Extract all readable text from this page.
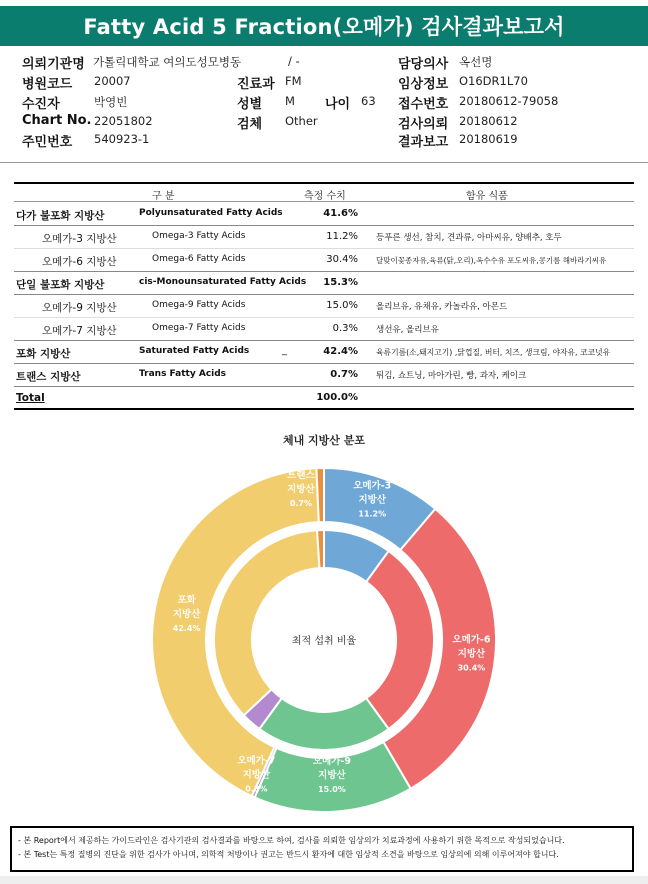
Fatty Acid 5 Fraction(오메가) 검사결과보고서
의뢰기관명 가톨릭대학교 여의도성모병동	/ -	담당의사 옥선명
병원코드 20007	진료과 FM	임상정보 O16DR1L70
수진자	박영빈	성별 M 나이 63 접수번호 20180612-79058
Chart No. 22051802	검체 Other	검사의뢰 20180612
주민번호 540923-1	결과보고 20180619
구 분	측정 수치	함유 식품
다가 불포화 지방산	Polyunsaturated Fatty Acids	41.6%
오메가-3 지방산	Omega-3 Fatty Acids	11.2% 등푸른 생선, 참치, 견과류, 아마씨유, 양배추, 호두
오메가-6 지방산	Omega-6 Fatty Acids	30.4% 달맞이꽃종자유,육류(닭,오리),옥수수유 포도씨유,콩기름 해바라기씨유
단일 불포화 지방산	cis-Monounsaturated Fatty Acids 15.3%
오메가-9 지방산	Omega-9 Fatty Acids	15.0% 올리브유, 유채유, 카놀라유, 아몬드
오메가-7 지방산	Omega-7 Fatty Acids	0.3% 생선유, 올리브유
포화 지방산	Saturated Fatty Acids	_	42.4% 육류기름(소,돼지고기) ,닭껍질, 버터, 치즈, 생크림, 야자유, 코코넛유
트랜스 지방산	Trans Fatty Acids	0.7% 튀김, 쇼트닝, 마아가린, 빵, 과자, 케이크
Total	100.0%
체내 지방산 분포
최적 섭취 비율
오메가-3
지방산
11.2%
오메가-6
지방산
30.4%
오메가-9
지방산
15.0%
오메가-7
지방산
0.3%
포화
지방산
42.4%
트랜스
지방산
0.7%
- 본 Report에서 제공하는 가이드라인은 검사기관의 검사결과를 바탕으로 하여, 검사를 의뢰한 임상의가 치료과정에 사용하기 위한 목적으로 작성되었습니다.
- 본 Test는 특정 질병의 진단을 위한 검사가 아니며, 의학적 처방이나 권고는 반드시 환자에 대한 임상적 소견을 바탕으로 임상의에 의해 이루어져야 합니다.
